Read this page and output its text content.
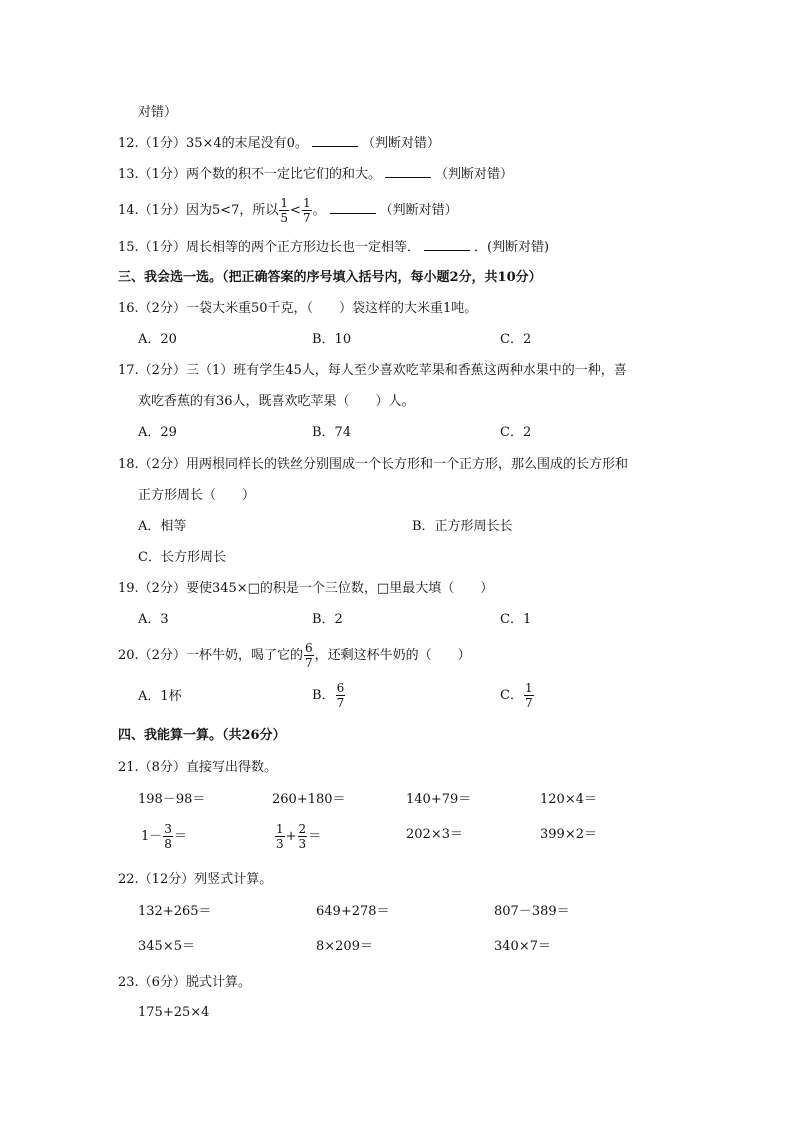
对错）
12.（1分）35×4的末尾没有0。	（判断对错）
13.（1分）两个数的积不一定比它们的和大。	（判断对错）
14.（1分）因为5<7，所以 $\frac{1}{5} < \frac{1}{7}$ 。	（判断对错）
15.（1分）周长相等的两个正方形边长也一定相等．	．(判断对错)
三、我会选一选。（把正确答案的序号填入括号内，每小题2分，共10分）
16.（2分）一袋大米重50千克，（　　）袋这样的大米重1吨。
A．20	B．10	C．2
17.（2分）三（1）班有学生45人，每人至少喜欢吃苹果和香蕉这两种水果中的一种，喜
欢吃香蕉的有36人，既喜欢吃苹果（　　）人。
A．29	B．74	C．2
18.（2分）用两根同样长的铁丝分别围成一个长方形和一个正方形，那么围成的长方形和
正方形周长（　　）
A．相等	B．正方形周长长
C．长方形周长
19.（2分）要使345×□的积是一个三位数，□里最大填（　　）
A．3	B．2	C．1
20.（2分）一杯牛奶，喝了它的 $\frac{6}{7}$ ，还剩这杯牛奶的（　　）
A．1杯	B． $\frac{6}{7}$	C． $\frac{1}{7}$
四、我能算一算。（共26分）
21.（8分）直接写出得数。
198－98＝	260+180＝	140+79＝	120×4＝
$1- \frac{3}{8}$ ＝	$\frac{1}{3} + \frac{2}{3}$ ＝	202×3＝	399×2＝
22.（12分）列竖式计算。
132+265＝	649+278＝	807－389＝
345×5＝	8×209＝	340×7＝
23.（6分）脱式计算。
175+25×4
